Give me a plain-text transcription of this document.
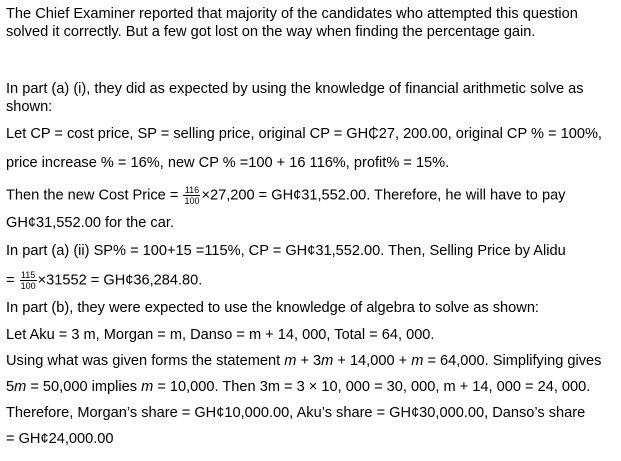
The Chief Examiner reported that majority of the candidates who attempted this question
solved it correctly. But a few got lost on the way when finding the percentage gain.
In part (a) (i), they did as expected by using the knowledge of financial arithmetic solve as
shown:
Let CP = cost price, SP = selling price, original CP = GH₵27, 200.00, original CP % = 100%,
price increase % = 16%, new CP % =100 + 16 116%, profit% = 15%.
Then the new Cost Price = $\frac{116}{100} \times 27,200$ = GH¢31,552.00. Therefore, he will have to pay
GH¢31,552.00 for the car.
In part (a) (ii) SP% = 100+15 =115%, CP = GH¢31,552.00. Then, Selling Price by Alidu
= $\frac{115}{100} \times 31552$ = GH¢36,284.80.
In part (b), they were expected to use the knowledge of algebra to solve as shown:
Let Aku = 3 m, Morgan = m, Danso = m + 14, 000, Total = 64, 000.
Using what was given forms the statement m + 3m + 14,000 + m = 64,000. Simplifying gives
5m = 50,000 implies m = 10,000. Then 3m = 3 × 10, 000 = 30, 000, m + 14, 000 = 24, 000.
Therefore, Morgan’s share = GH¢10,000.00, Aku’s share = GH¢30,000.00, Danso’s share
= GH¢24,000.00
